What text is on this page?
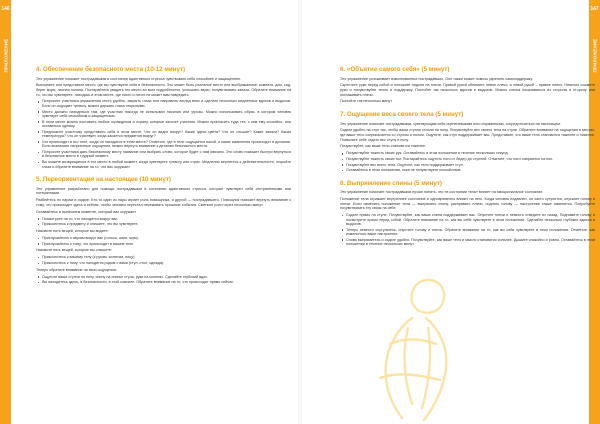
146
ПРИЛОЖЕНИЕ	4. Обеспечение безопасного места (10-12 минут)

Это упражнение поможет пострадавшим в состоянии адаптивного стресса чувствовать себя спокойнее и защищеннее.

Вспомните или представьте место, где вы чувствуете себя в безопасности. Это может быть реальное место или воображаемое: комната, дом, сад, берег моря, лесная поляна. Постарайтесь увидеть это место во всех подробностях, услышать звуки, почувствовать запахи. Обратите внимание на то, что вы чувствуете, находясь в этом месте, где никто и ничто не может вам навредить.

Попросите участника упражнения сесть удобно, закрыть глаза или направить взгляд вниз и сделать несколько медленных вдохов и выдохов. Если он ощущает тревогу, можно держать глаза открытыми.
Место должно находиться там, где участник никогда не испытывал насилия или угрозы. Можно использовать образ, в котором человек чувствует себя спокойным и защищенным.
В этом месте можно поставить любые ограждения и охрану, которые захочет участник. Можно пригласить туда тех, с кем ему спокойно, или оставаться одному.
Предложите участнику представить себя в этом месте. Что он видит вокруг? Какие здесь цвета? Что он слышит? Какие запахи? Какая температура? Что он чувствует, когда касается предметов вокруг?
Что происходит в его теле, когда он находится в этом месте? Отметьте, где в теле ощущается покой, и какие изменения происходят в дыхании. Если возникают неприятные ощущения, можно вернуть внимание к деталям безопасного места.
Попросите участника дать безопасному месту название или выбрать слово, которое будет с ним связано. Это слово поможет быстро вернуться в безопасное место в трудный момент.
Вы можете возвращаться в это место в любой момент, когда чувствуете тревогу или страх. Медленно вернитесь к действительности, откройте глаза и обратите внимание на то, что вас окружает.
5. Переориентация на настоящее (10 минут)

Это упражнение разработано для помощи пострадавшим в состоянии адаптивного стресса, которые чувствуют себя отстранёнными или потерянными.

Разбейтесь по парам и сядьте. Кто-то один из пары играет роль помощника, а другой — пострадавшего. Помощник поможет вернуть внимание к тому, что происходит здесь и сейчас, чтобы человек перестал переживать прошлые события. Смените роли через несколько минут.

Оставайтесь в нынешнем моменте, который вас окружает.

Посмотрите на то, что находится вокруг вас.
Прикоснитесь к предмету и опишите, что вы чувствуете.

Назовите пять вещей, которые вы видите:

Прислушайтесь к звукам вокруг вас (голоса, шаги, шум).
Прислушайтесь к тому, что происходит в вашем теле.

Назовите пять вещей, которые вы слышите:

Прикоснитесь к вашему телу (к рукам, коленям, лицу).
Прикоснитесь к тому, что находится рядом с вами (стул, стол, одежда).

Теперь обратите внимание на свои ощущения:

Ощутите ваши ступни на полу, спину на спинке стула, руки на коленях. Сделайте глубокий вдох.
Вы находитесь здесь, в безопасности, в этой комнате. Обратите внимание на то, что происходит прямо сейчас.
147
ПРИЛОЖЕНИЕ
6. «Объятие самого себя» (5 минут)

Это упражнение успокаивает взволнованных пострадавших. Оно также может помочь укрепить самоподдержку.

Скрестите руки перед собой и положите ладони на плечи. Правой рукой обнимите левое плечо, а левой рукой – правое плечо. Немного сожмите руки и почувствуйте тепло и поддержку. Постойте так несколько вдохов и выдохов. Можно слегка покачиваться из стороны в сторону или поглаживать плечи.

Постойте так несколько минут.

7. Ощущение веса своего тела (5 минут)

Это упражнение помогает пострадавшим, чувствующим себя оцепеневшими или оторванными, сосредоточиться на настоящем.

Сядьте удобно на стул так, чтобы ваши ступни стояли на полу. Почувствуйте вес своего тела на стуле. Обратите внимание на ощущения в местах, где ваше тело соприкасается со стулом и полом. Ощутите, как стул поддерживает вас. Представьте, что ваше тело становится тяжелее и тяжелее. Позвольте себе отдать вес стулу и полу.

Почувствуйте, как ваше тело становится тяжелее.

Почувствуйте тяжесть своих рук. Оставайтесь в этом положении в течение нескольких секунд.
Почувствуйте тяжесть своих ног. Постарайтесь ощутить ноги от бедер до ступней. Отметьте, что ноги опираются на пол.
Почувствуйте вес всего тела. Ощутите, как тело поддерживает стул.
Оставайтесь в этом положении, пока не почувствуете спокойствие.
8. Выпрямление спины (5 минут)

Это упражнение помогает пострадавшим лучше понять, что «в состоянии тела» влияет на эмоциональное состояние.

Положение тела отражает внутреннее состояние и одновременно влияет на него. Когда человек подавлен, он часто сутулится, опускает голову и плечи. Если изменить положение тела — выпрямить спину, расправить плечи, поднять голову — настроение также изменится. Попробуйте почувствовать эту связь на себе.

Сядьте прямо на стуле. Почувствуйте, как ваша спина поддерживает вас. Опустите плечи и немного отведите их назад. Поднимите голову и посмотрите прямо перед собой. Обратите внимание на то, как вы себя чувствуете в этом положении. Сделайте несколько глубоких вдохов и выдохов.
Теперь немного ссутультесь, опустите голову и плечи. Обратите внимание на то, как вы себя чувствуете в этом положении. Отметьте, как изменилось ваше настроение.
Снова выпрямитесь и сядьте удобно. Почувствуйте, как ваше тело и мысли становятся сильнее. Дышите спокойно и ровно. Оставайтесь в этом положении в течение нескольких минут.
